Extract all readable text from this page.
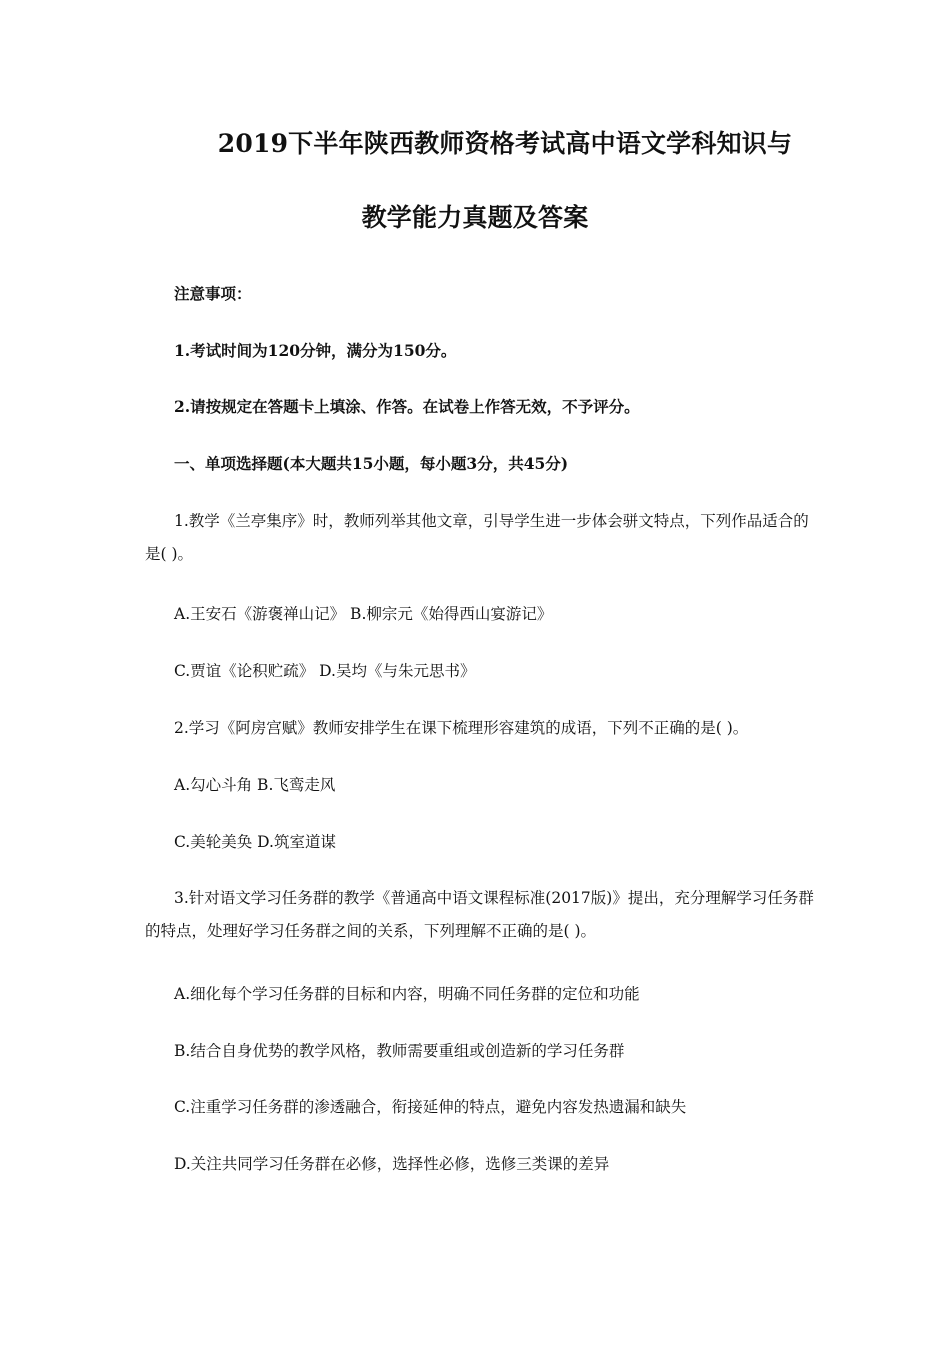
2019下半年陕西教师资格考试高中语文学科知识与
教学能力真题及答案
注意事项：
1.考试时间为120分钟，满分为150分。
2.请按规定在答题卡上填涂、作答。在试卷上作答无效，不予评分。
一、单项选择题(本大题共15小题，每小题3分，共45分)
1.教学《兰亭集序》时，教师列举其他文章，引导学生进一步体会骈文特点，下列作品适合的是( )。
A.王安石《游褒禅山记》 B.柳宗元《始得西山宴游记》
C.贾谊《论积贮疏》 D.吴均《与朱元思书》
2.学习《阿房宫赋》教师安排学生在课下梳理形容建筑的成语，下列不正确的是( )。
A.勾心斗角 B.飞鸾走风
C.美轮美奂 D.筑室道谋
3.针对语文学习任务群的教学《普通高中语文课程标准(2017版)》提出，充分理解学习任务群的特点，处理好学习任务群之间的关系，下列理解不正确的是( )。
A.细化每个学习任务群的目标和内容，明确不同任务群的定位和功能
B.结合自身优势的教学风格，教师需要重组或创造新的学习任务群
C.注重学习任务群的渗透融合，衔接延伸的特点，避免内容发热遗漏和缺失
D.关注共同学习任务群在必修，选择性必修，选修三类课的差异
